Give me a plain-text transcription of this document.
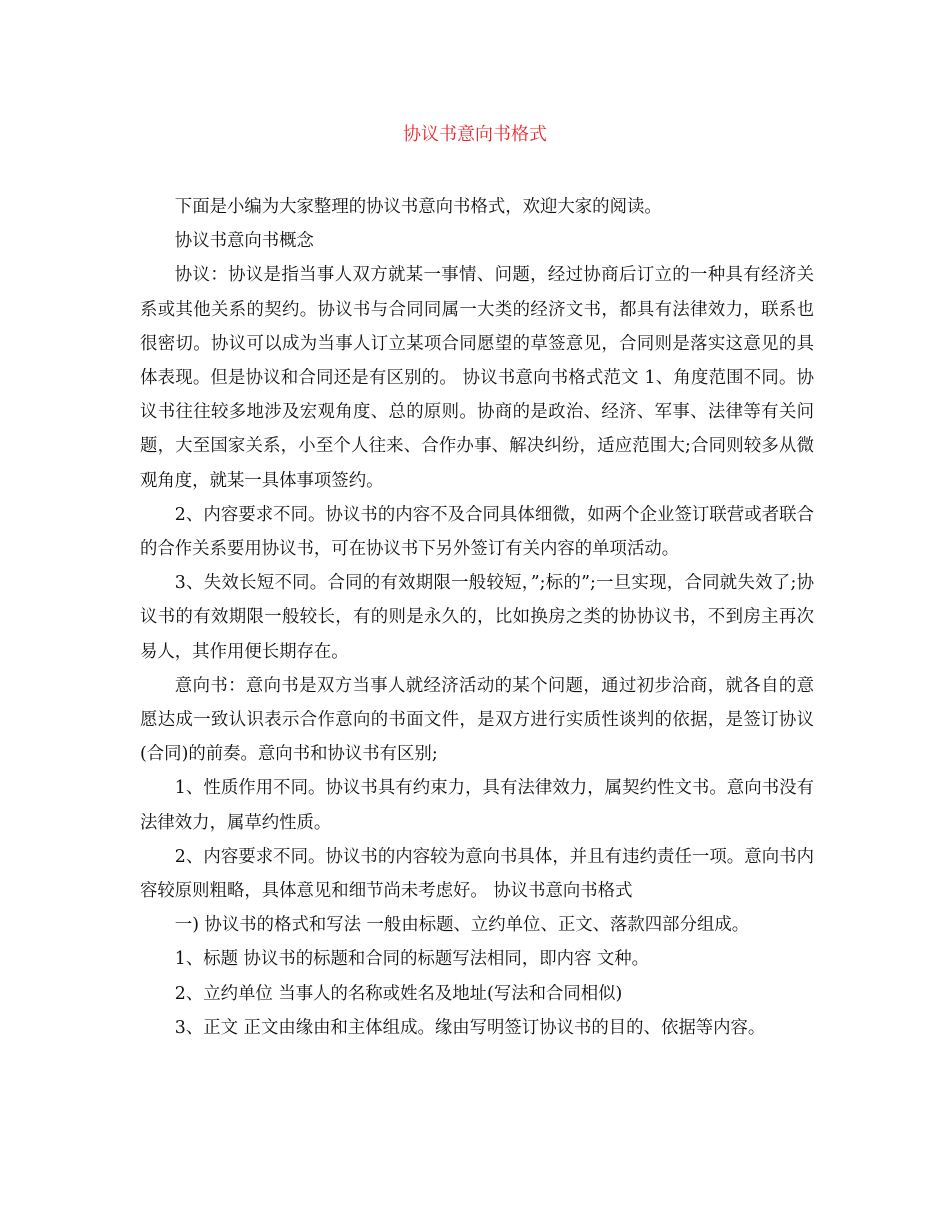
协议书意向书格式

下面是小编为大家整理的协议书意向书格式，欢迎大家的阅读。

协议书意向书概念

协议：协议是指当事人双方就某一事情、问题，经过协商后订立的一种具有经济关系或其他关系的契约。协议书与合同同属一大类的经济文书，都具有法律效力，联系也很密切。协议可以成为当事人订立某项合同愿望的草签意见，合同则是落实这意见的具体表现。但是协议和合同还是有区别的。 协议书意向书格式范文 1、角度范围不同。协议书往往较多地涉及宏观角度、总的原则。协商的是政治、经济、军事、法律等有关问题，大至国家关系，小至个人往来、合作办事、解决纠纷，适应范围大;合同则较多从微观角度，就某一具体事项签约。

2、内容要求不同。协议书的内容不及合同具体细微，如两个企业签订联营或者联合的合作关系要用协议书，可在协议书下另外签订有关内容的单项活动。

3、失效长短不同。合同的有效期限一般较短，”;标的”;一旦实现，合同就失效了;协议书的有效期限一般较长，有的则是永久的，比如换房之类的协协议书，不到房主再次易人，其作用便长期存在。

意向书：意向书是双方当事人就经济活动的某个问题，通过初步洽商，就各自的意愿达成一致认识表示合作意向的书面文件，是双方进行实质性谈判的依据，是签订协议(合同)的前奏。意向书和协议书有区别;

1、性质作用不同。协议书具有约束力，具有法律效力，属契约性文书。意向书没有法律效力，属草约性质。

2、内容要求不同。协议书的内容较为意向书具体，并且有违约责任一项。意向书内容较原则粗略，具体意见和细节尚未考虑好。 协议书意向书格式

一) 协议书的格式和写法 一般由标题、立约单位、正文、落款四部分组成。

1、标题 协议书的标题和合同的标题写法相同，即内容 文种。

2、立约单位 当事人的名称或姓名及地址(写法和合同相似)

3、正文 正文由缘由和主体组成。缘由写明签订协议书的目的、依据等内容。
